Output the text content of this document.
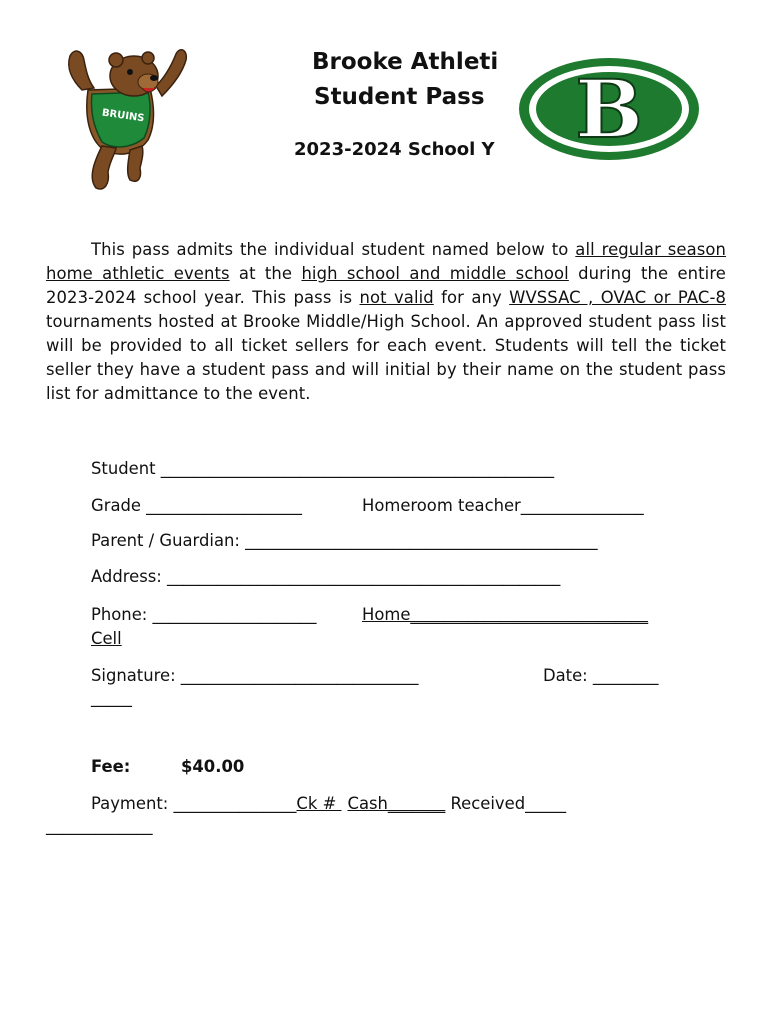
BRUINS
Brooke Athleti
Student Pass
2023-2024 School Y B
This pass admits the individual student named below to all regular season home athletic events at the high school and middle school during the entire 2023-2024 school year. This pass is not valid for any WVSSAC , OVAC or PAC-8 tournaments hosted at Brooke Middle/High School. An approved student pass list will be provided to all ticket sellers for each event. Students will tell the ticket seller they have a student pass and will initial by their name on the student pass list for admittance to the event.
Student ________________________________________________
Grade ___________________	Homeroom teacher_______________
Parent / Guardian: ___________________________________________
Address: ________________________________________________
Phone: ____________________	Home_____________________________
Cell
Signature: _____________________________	Date: ________
_____
Fee:	$40.00
Payment: _______________Ck # Cash_______ Received_____
_____________
